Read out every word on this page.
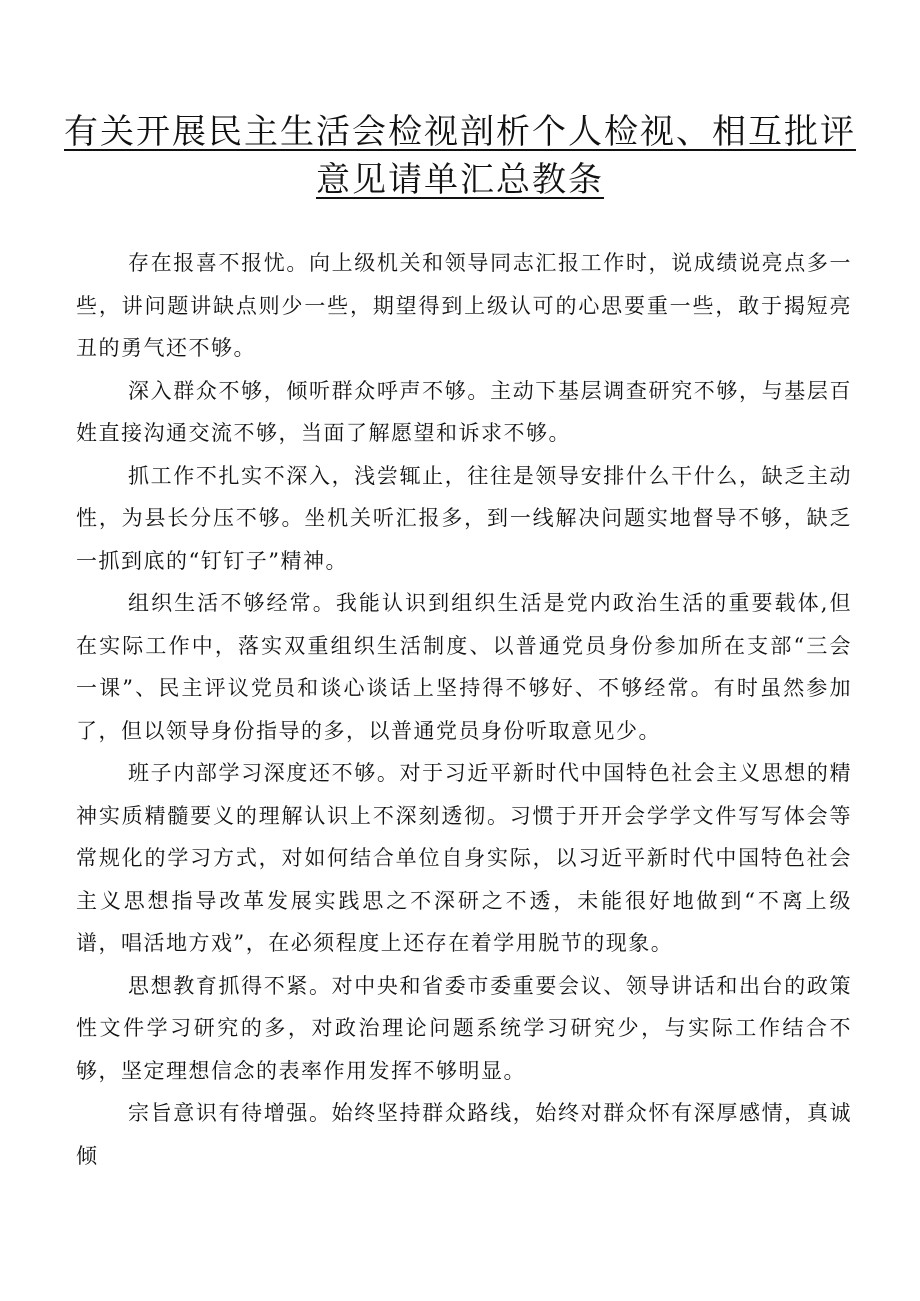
有关开展民主生活会检视剖析个人检视、相互批评意见请单汇总教条

存在报喜不报忧。向上级机关和领导同志汇报工作时，说成绩说亮点多一些，讲问题讲缺点则少一些，期望得到上级认可的心思要重一些，敢于揭短亮丑的勇气还不够。

深入群众不够，倾听群众呼声不够。主动下基层调查研究不够，与基层百姓直接沟通交流不够，当面了解愿望和诉求不够。

抓工作不扎实不深入，浅尝辄止，往往是领导安排什么干什么，缺乏主动性，为县长分压不够。坐机关听汇报多，到一线解决问题实地督导不够，缺乏一抓到底的“钉钉子”精神。

组织生活不够经常。我能认识到组织生活是党内政治生活的重要载体,但在实际工作中，落实双重组织生活制度、以普通党员身份参加所在支部“三会一课”、民主评议党员和谈心谈话上坚持得不够好、不够经常。有时虽然参加了，但以领导身份指导的多，以普通党员身份听取意见少。

班子内部学习深度还不够。对于习近平新时代中国特色社会主义思想的精神实质精髓要义的理解认识上不深刻透彻。习惯于开开会学学文件写写体会等常规化的学习方式，对如何结合单位自身实际，以习近平新时代中国特色社会主义思想指导改革发展实践思之不深研之不透，未能很好地做到“不离上级谱，唱活地方戏”，在必须程度上还存在着学用脱节的现象。

思想教育抓得不紧。对中央和省委市委重要会议、领导讲话和出台的政策性文件学习研究的多，对政治理论问题系统学习研究少，与实际工作结合不够，坚定理想信念的表率作用发挥不够明显。

宗旨意识有待增强。始终坚持群众路线，始终对群众怀有深厚感情，真诚倾
